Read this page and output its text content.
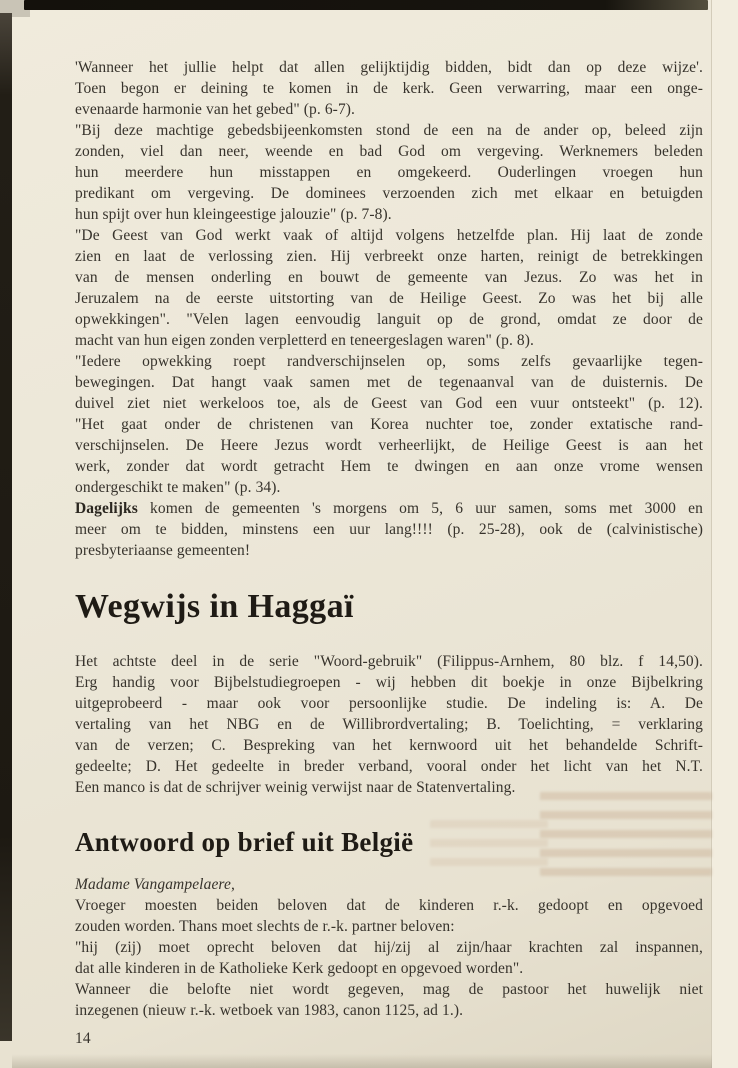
'Wanneer het jullie helpt dat allen gelijktijdig bidden, bidt dan op deze wijze'.
Toen begon er deining te komen in de kerk. Geen verwarring, maar een onge-
evenaarde harmonie van het gebed" (p. 6-7).
"Bij deze machtige gebedsbijeenkomsten stond de een na de ander op, beleed zijn
zonden, viel dan neer, weende en bad God om vergeving. Werknemers beleden
hun meerdere hun misstappen en omgekeerd. Ouderlingen vroegen hun
predikant om vergeving. De dominees verzoenden zich met elkaar en betuigden
hun spijt over hun kleingeestige jalouzie" (p. 7-8).
"De Geest van God werkt vaak of altijd volgens hetzelfde plan. Hij laat de zonde
zien en laat de verlossing zien. Hij verbreekt onze harten, reinigt de betrekkingen
van de mensen onderling en bouwt de gemeente van Jezus. Zo was het in
Jeruzalem na de eerste uitstorting van de Heilige Geest. Zo was het bij alle
opwekkingen". "Velen lagen eenvoudig languit op de grond, omdat ze door de
macht van hun eigen zonden verpletterd en teneergeslagen waren" (p. 8).
"Iedere opwekking roept randverschijnselen op, soms zelfs gevaarlijke tegen-
bewegingen. Dat hangt vaak samen met de tegenaanval van de duisternis. De
duivel ziet niet werkeloos toe, als de Geest van God een vuur ontsteekt" (p. 12).
"Het gaat onder de christenen van Korea nuchter toe, zonder extatische rand-
verschijnselen. De Heere Jezus wordt verheerlijkt, de Heilige Geest is aan het
werk, zonder dat wordt getracht Hem te dwingen en aan onze vrome wensen
ondergeschikt te maken" (p. 34).
Dagelijks komen de gemeenten 's morgens om 5, 6 uur samen, soms met 3000 en
meer om te bidden, minstens een uur lang!!!! (p. 25-28), ook de (calvinistische)
presbyteriaanse gemeenten!
Wegwijs in Haggaï
Het achtste deel in de serie "Woord-gebruik" (Filippus-Arnhem, 80 blz. f 14,50).
Erg handig voor Bijbelstudiegroepen - wij hebben dit boekje in onze Bijbelkring
uitgeprobeerd - maar ook voor persoonlijke studie. De indeling is: A. De
vertaling van het NBG en de Willibrordvertaling; B. Toelichting, = verklaring
van de verzen; C. Bespreking van het kernwoord uit het behandelde Schrift-
gedeelte; D. Het gedeelte in breder verband, vooral onder het licht van het N.T.
Een manco is dat de schrijver weinig verwijst naar de Statenvertaling.
Antwoord op brief uit België
Madame Vangampelaere,
Vroeger moesten beiden beloven dat de kinderen r.-k. gedoopt en opgevoed
zouden worden. Thans moet slechts de r.-k. partner beloven:
"hij (zij) moet oprecht beloven dat hij/zij al zijn/haar krachten zal inspannen,
dat alle kinderen in de Katholieke Kerk gedoopt en opgevoed worden".
Wanneer die belofte niet wordt gegeven, mag de pastoor het huwelijk niet
inzegenen (nieuw r.-k. wetboek van 1983, canon 1125, ad 1.).
14
